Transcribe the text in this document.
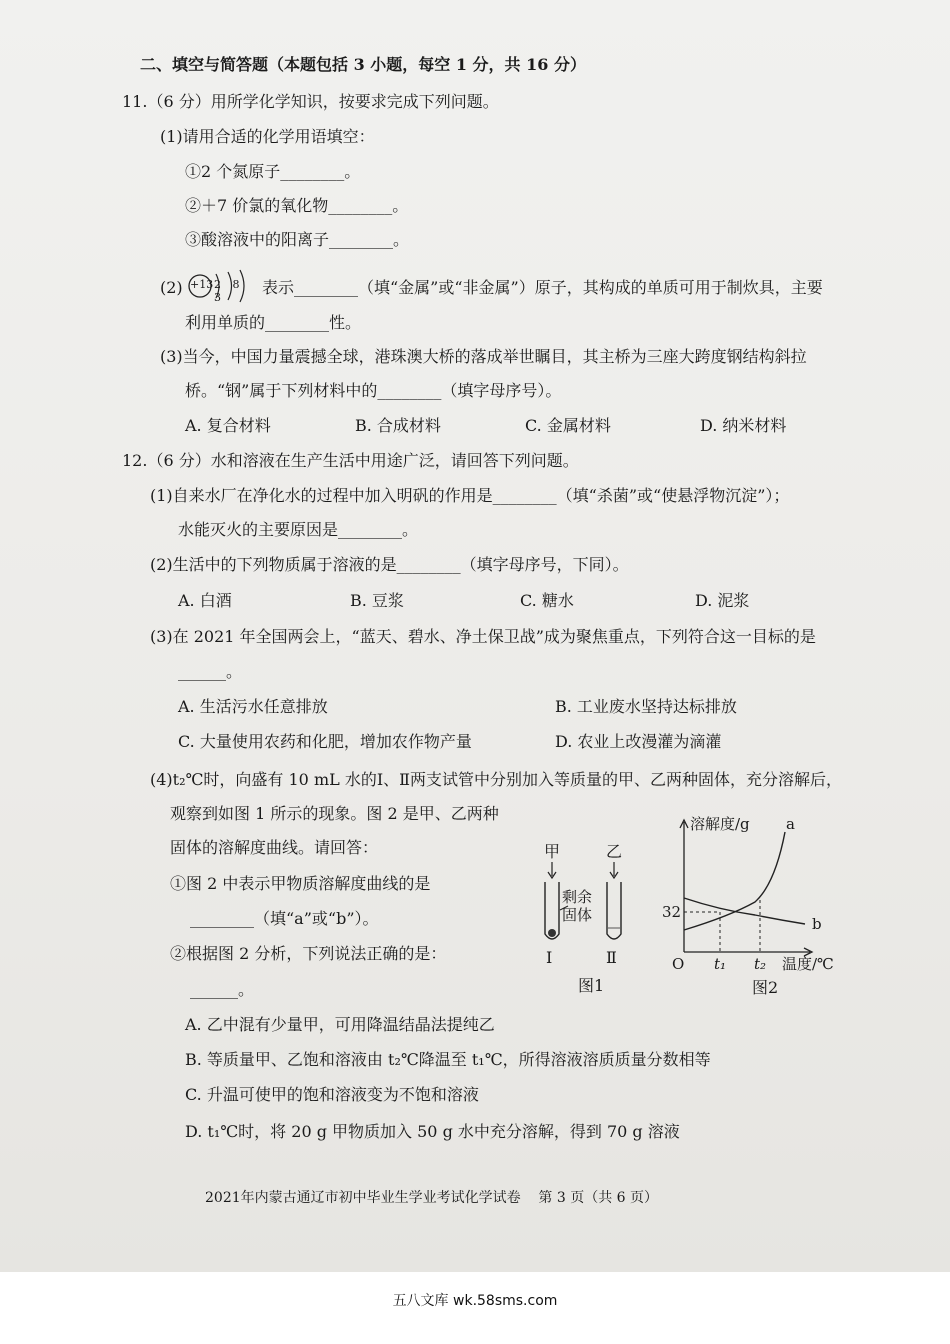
二、填空与简答题（本题包括 3 小题，每空 1 分，共 16 分）
11.（6 分）用所学化学知识，按要求完成下列问题。
(1)请用合适的化学用语填空：
①2 个氮原子________。
②＋7 价氯的氧化物________。
③酸溶液中的阳离子________。
(2) +13 2 8 3
表示________（填“金属”或“非金属”）原子，其构成的单质可用于制炊具，主要
利用单质的________性。
(3)当今，中国力量震撼全球，港珠澳大桥的落成举世瞩目，其主桥为三座大跨度钢结构斜拉
桥。“钢”属于下列材料中的________（填字母序号）。
A. 复合材料	B. 合成材料	C. 金属材料	D. 纳米材料
12.（6 分）水和溶液在生产生活中用途广泛，请回答下列问题。
(1)自来水厂在净化水的过程中加入明矾的作用是________（填“杀菌”或“使悬浮物沉淀”）；
水能灭火的主要原因是________。
(2)生活中的下列物质属于溶液的是________（填字母序号，下同）。
A. 白酒	B. 豆浆	C. 糖水	D. 泥浆
(3)在 2021 年全国两会上，“蓝天、碧水、净土保卫战”成为聚焦重点，下列符合这一目标的是
______。
A. 生活污水任意排放	B. 工业废水坚持达标排放
C. 大量使用农药和化肥，增加农作物产量	D. 农业上改漫灌为滴灌
(4)t₂℃时，向盛有 10 mL 水的Ⅰ、Ⅱ两支试管中分别加入等质量的甲、乙两种固体，充分溶解后，
观察到如图 1 所示的现象。图 2 是甲、乙两种
固体的溶解度曲线。请回答：
①图 2 中表示甲物质溶解度曲线的是
________（填“a”或“b”）。
②根据图 2 分析，下列说法正确的是：
______。
甲	乙
剩余固体
Ⅰ	Ⅱ
图1
溶解度/g a
b
32
O t₁ t₂ 温度/℃
图2
A. 乙中混有少量甲，可用降温结晶法提纯乙
B. 等质量甲、乙饱和溶液由 t₂℃降温至 t₁℃，所得溶液溶质质量分数相等
C. 升温可使甲的饱和溶液变为不饱和溶液
D. t₁℃时，将 20 g 甲物质加入 50 g 水中充分溶解，得到 70 g 溶液
2021年内蒙古通辽市初中毕业生学业考试化学试卷    第 3 页（共 6 页）
五八文库 wk.58sms.com
